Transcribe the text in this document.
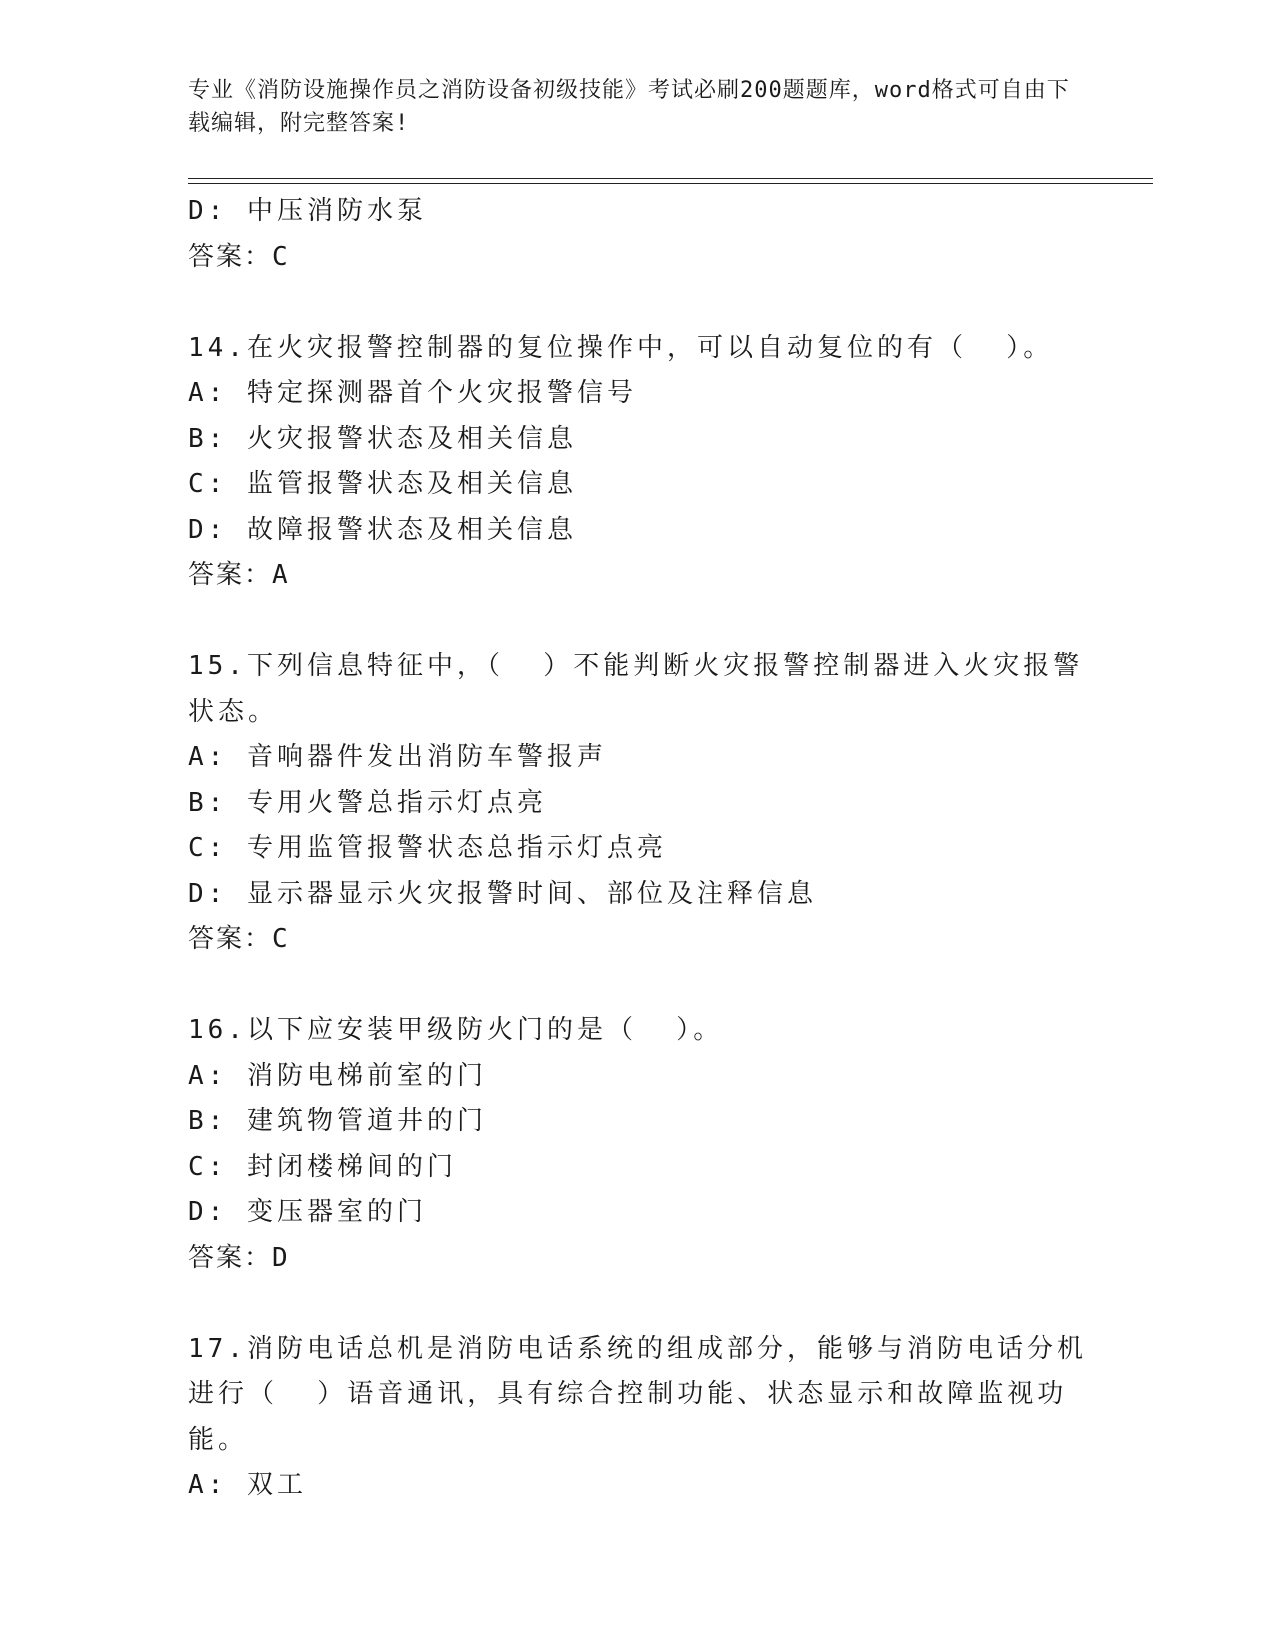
专业《消防设施操作员之消防设备初级技能》考试必刷200题题库，word格式可自由下载编辑，附完整答案!
D: 中压消防水泵
答案：C
14.在火灾报警控制器的复位操作中，可以自动复位的有（  ）。
A: 特定探测器首个火灾报警信号
B: 火灾报警状态及相关信息
C: 监管报警状态及相关信息
D: 故障报警状态及相关信息
答案：A
15.下列信息特征中，（  ）不能判断火灾报警控制器进入火灾报警状态。
A: 音响器件发出消防车警报声
B: 专用火警总指示灯点亮
C: 专用监管报警状态总指示灯点亮
D: 显示器显示火灾报警时间、部位及注释信息
答案：C
16.以下应安装甲级防火门的是（  ）。
A: 消防电梯前室的门
B: 建筑物管道井的门
C: 封闭楼梯间的门
D: 变压器室的门
答案：D
17.消防电话总机是消防电话系统的组成部分，能够与消防电话分机进行（  ）语音通讯，具有综合控制功能、状态显示和故障监视功能。
A: 双工
